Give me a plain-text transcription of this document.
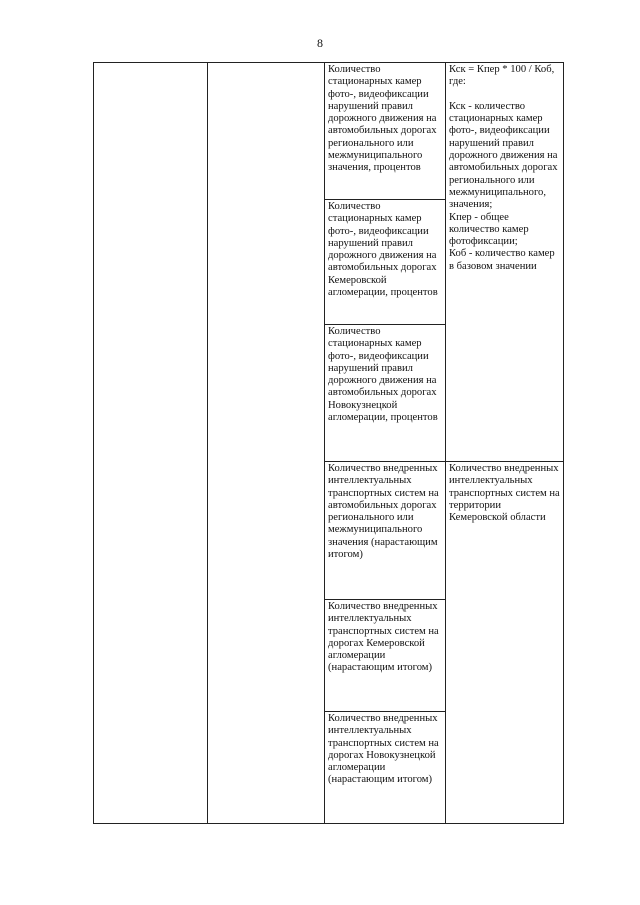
8
		Количество стационарных камер фото-, видеофиксации нарушений правил дорожного движения на автомобильных дорогах регионального или межмуниципального значения, процентов	Кск = Кпер * 100 / Коб,
где:

Кск - количество стационарных камер фото-, видеофиксации нарушений правил дорожного движения на автомобильных дорогах регионального или межмуниципального, значения;
Кпер - общее количество камер фотофиксации;
Коб - количество камер в базовом значении
		Количество стационарных камер фото-, видеофиксации нарушений правил дорожного движения на автомобильных дорогах Кемеровской агломерации, процентов	
		Количество стационарных камер фото-, видеофиксации нарушений правил дорожного движения на автомобильных дорогах Новокузнецкой агломерации, процентов	
		Количество внедренных интеллектуальных транспортных систем на автомобильных дорогах регионального или межмуниципального значения (нарастающим итогом)	Количество внедренных интеллектуальных транспортных систем на территории Кемеровской области
		Количество внедренных интеллектуальных транспортных систем на дорогах Кемеровской агломерации (нарастающим итогом)	
		Количество внедренных интеллектуальных транспортных систем на дорогах Новокузнецкой агломерации (нарастающим итогом)	
